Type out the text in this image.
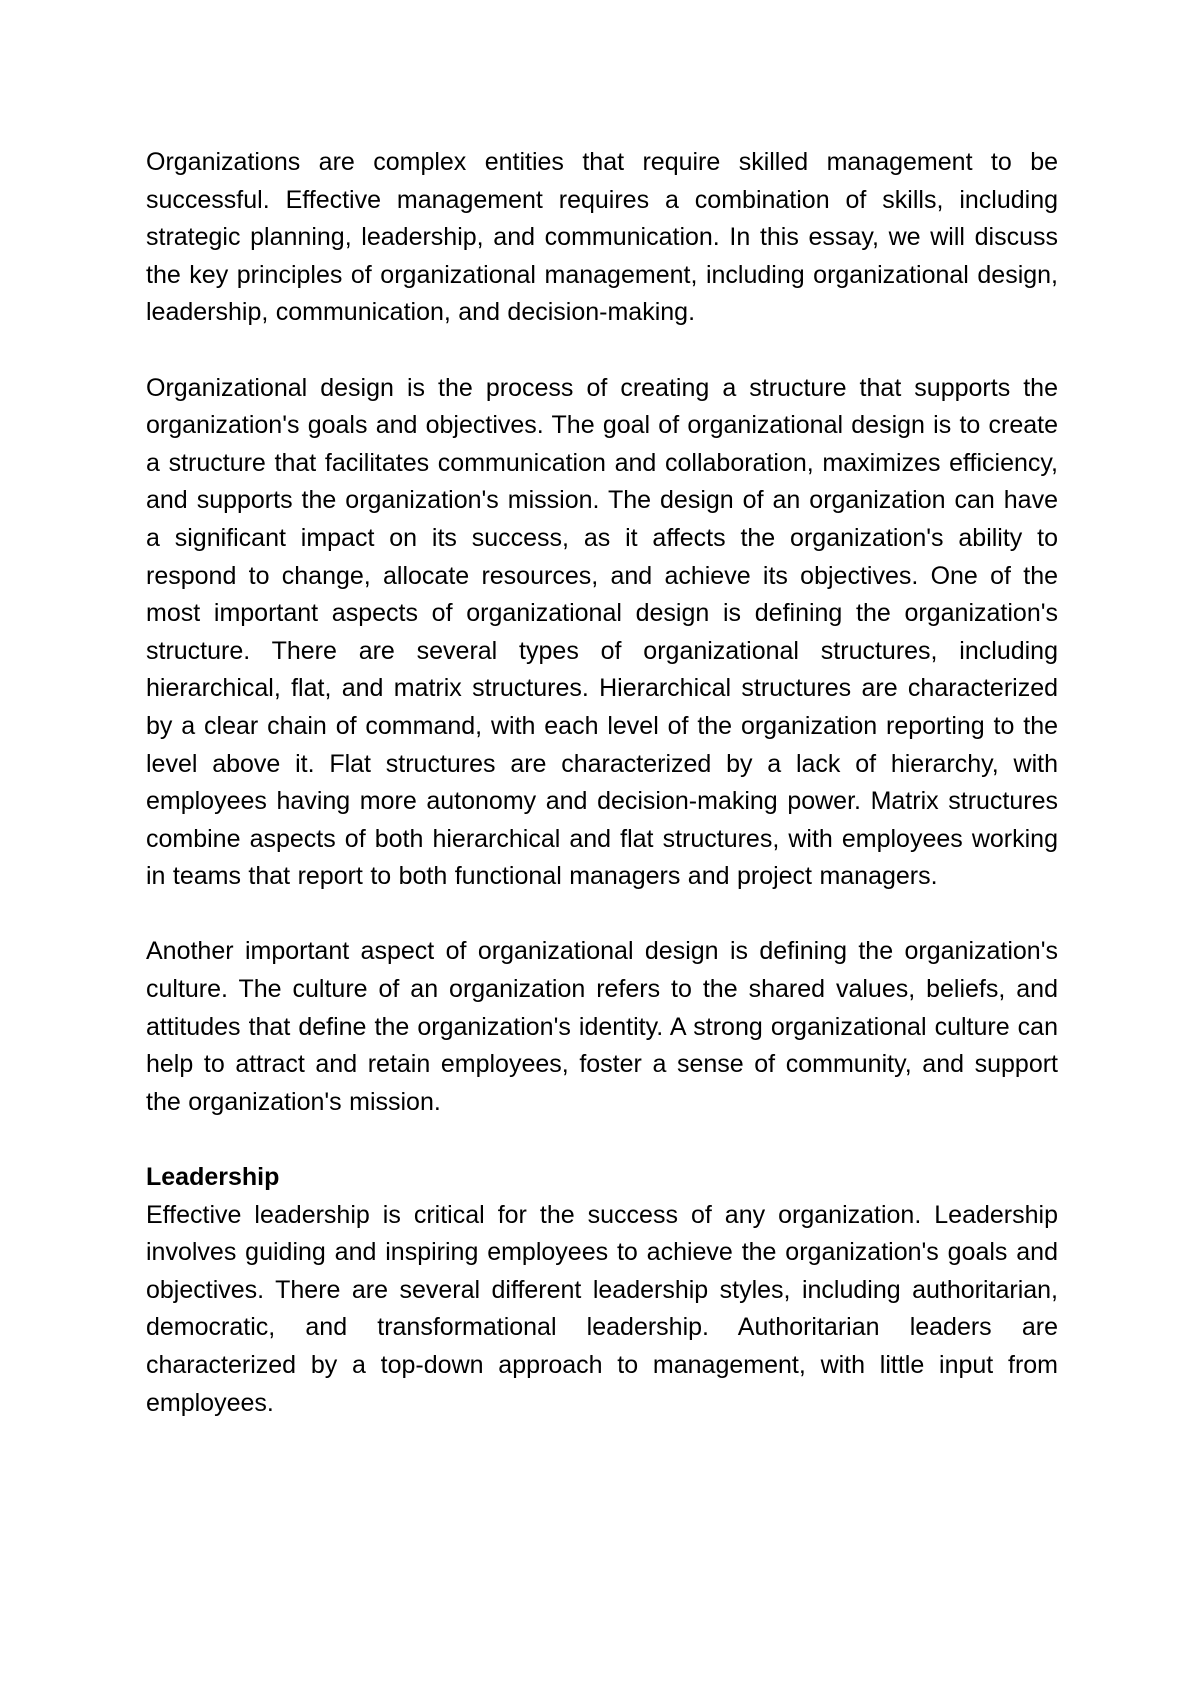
Organizations are complex entities that require skilled management to be successful. Effective management requires a combination of skills, including strategic planning, leadership, and communication. In this essay, we will discuss the key principles of organizational management, including organizational design, leadership, communication, and decision-making.

Organizational design is the process of creating a structure that supports the organization's goals and objectives. The goal of organizational design is to create a structure that facilitates communication and collaboration, maximizes efficiency, and supports the organization's mission. The design of an organization can have a significant impact on its success, as it affects the organization's ability to respond to change, allocate resources, and achieve its objectives. One of the most important aspects of organizational design is defining the organization's structure. There are several types of organizational structures, including hierarchical, flat, and matrix structures. Hierarchical structures are characterized by a clear chain of command, with each level of the organization reporting to the level above it. Flat structures are characterized by a lack of hierarchy, with employees having more autonomy and decision-making power. Matrix structures combine aspects of both hierarchical and flat structures, with employees working in teams that report to both functional managers and project managers.

Another important aspect of organizational design is defining the organization's culture. The culture of an organization refers to the shared values, beliefs, and attitudes that define the organization's identity. A strong organizational culture can help to attract and retain employees, foster a sense of community, and support the organization's mission.

Leadership

Effective leadership is critical for the success of any organization. Leadership involves guiding and inspiring employees to achieve the organization's goals and objectives. There are several different leadership styles, including authoritarian, democratic, and transformational leadership. Authoritarian leaders are characterized by a top-down approach to management, with little input from employees.
